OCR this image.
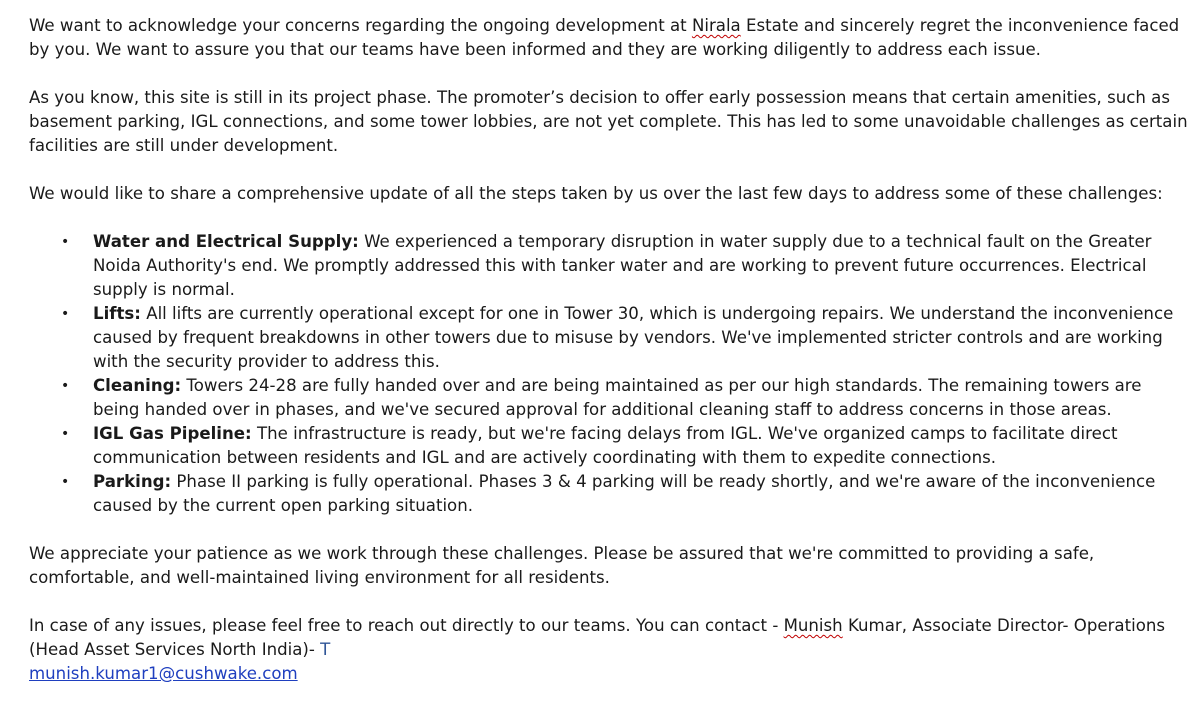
We want to acknowledge your concerns regarding the ongoing development at Nirala Estate and sincerely regret the inconvenience faced by you. We want to assure you that our teams have been informed and they are working diligently to address each issue.

As you know, this site is still in its project phase. The promoter’s decision to offer early possession means that certain amenities, such as basement parking, IGL connections, and some tower lobbies, are not yet complete. This has led to some unavoidable challenges as certain facilities are still under development.

We would like to share a comprehensive update of all the steps taken by us over the last few days to address some of these challenges:

• Water and Electrical Supply: We experienced a temporary disruption in water supply due to a technical fault on the Greater Noida Authority's end. We promptly addressed this with tanker water and are working to prevent future occurrences. Electrical supply is normal.
• Lifts: All lifts are currently operational except for one in Tower 30, which is undergoing repairs. We understand the inconvenience caused by frequent breakdowns in other towers due to misuse by vendors. We've implemented stricter controls and are working with the security provider to address this.
• Cleaning: Towers 24-28 are fully handed over and are being maintained as per our high standards. The remaining towers are being handed over in phases, and we've secured approval for additional cleaning staff to address concerns in those areas.
• IGL Gas Pipeline: The infrastructure is ready, but we're facing delays from IGL. We've organized camps to facilitate direct communication between residents and IGL and are actively coordinating with them to expedite connections.
• Parking: Phase II parking is fully operational. Phases 3 & 4 parking will be ready shortly, and we're aware of the inconvenience caused by the current open parking situation.

We appreciate your patience as we work through these challenges. Please be assured that we're committed to providing a safe, comfortable, and well-maintained living environment for all residents.

In case of any issues, please feel free to reach out directly to our teams. You can contact - Munish Kumar, Associate Director- Operations (Head Asset Services North India)- T
munish.kumar1@cushwake.com
